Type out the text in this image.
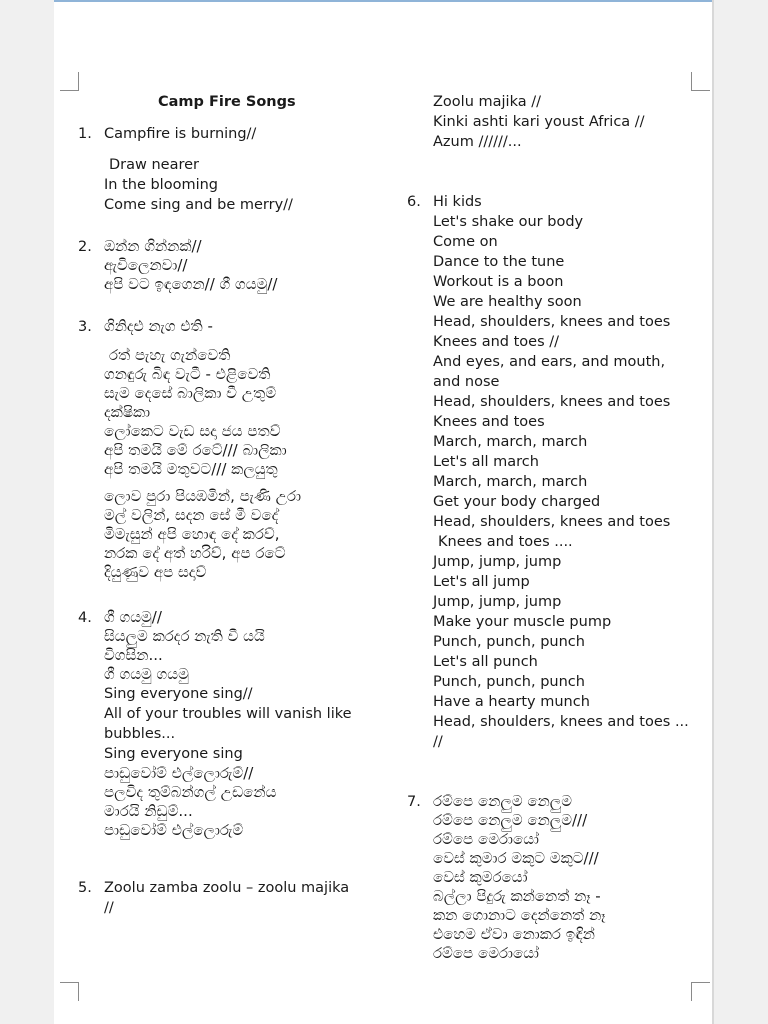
Camp Fire Songs
1. Campfire is burning//
Draw nearer
In the blooming
Come sing and be merry//
2. ඔන්න ගින්නක්//
ඇවිලෙනවා//
අපි වට ඉඳගෙන// ගී ගයමු//
3. ගිනිදළු නැග එති -
රත් පැහැ ගැන්වෙති
ගනඳුරු බිඳ වැටී - එළිවෙති
සැම දෙසේ බාලිකා වී උතුම්
දක්ෂිකා
ලෝකෙට වැඩ සදා ජය පතව්
අපි තමයි මේ රටේ/// බාලිකා
අපි තමයි මතුවට/// කලයුතු
ලොව පුරා පියඹමින්, පැණි උරා
මල් වලින්, සදන සේ මී වදේ
මිමැසුන් අපි හොඳ දේ කරව්,
නරක දේ අත් හරිව්, අප රටේ
දියුණුව අප සදාව්
4. ගී ගයමු//
සියලුම කරදර නැති වී යයි
විගසින...
ගී ගයමු ගයමු
Sing everyone sing//
All of your troubles will vanish like
bubbles...
Sing everyone sing
පාඩුවෝම් එල්ලොරුම්//
පලවිද තුම්බන්ගල් උඩනේය
මාරයි නිඩුම්...
පාඩුවෝම් එල්ලොරුම්
5. Zoolu zamba zoolu – zoolu majika
//
Zoolu majika //
Kinki ashti kari youst Africa //
Azum //////...
6. Hi kids
Let's shake our body
Come on
Dance to the tune
Workout is a boon
We are healthy soon
Head, shoulders, knees and toes
Knees and toes //
And eyes, and ears, and mouth,
and nose
Head, shoulders, knees and toes
Knees and toes
March, march, march
Let's all march
March, march, march
Get your body charged
Head, shoulders, knees and toes
Knees and toes ....
Jump, jump, jump
Let's all jump
Jump, jump, jump
Make your muscle pump
Punch, punch, punch
Let's all punch
Punch, punch, punch
Have a hearty munch
Head, shoulders, knees and toes ...
//
7. රම්පෙ නෙලුම නෙලුම
රම්පෙ නෙලුම නෙලුම///
රම්පෙ මෙරායෝ
වෙස් කුමාර මකුට මකුට///
වෙස් කුමරයෝ
බල්ලා පිදුරු කන්නෙත් නෑ -
කන ගොනාට දෙන්නෙත් නෑ
එහෙම ඒවා නොකර ඉඳින්
රම්පෙ මෙරායෝ
